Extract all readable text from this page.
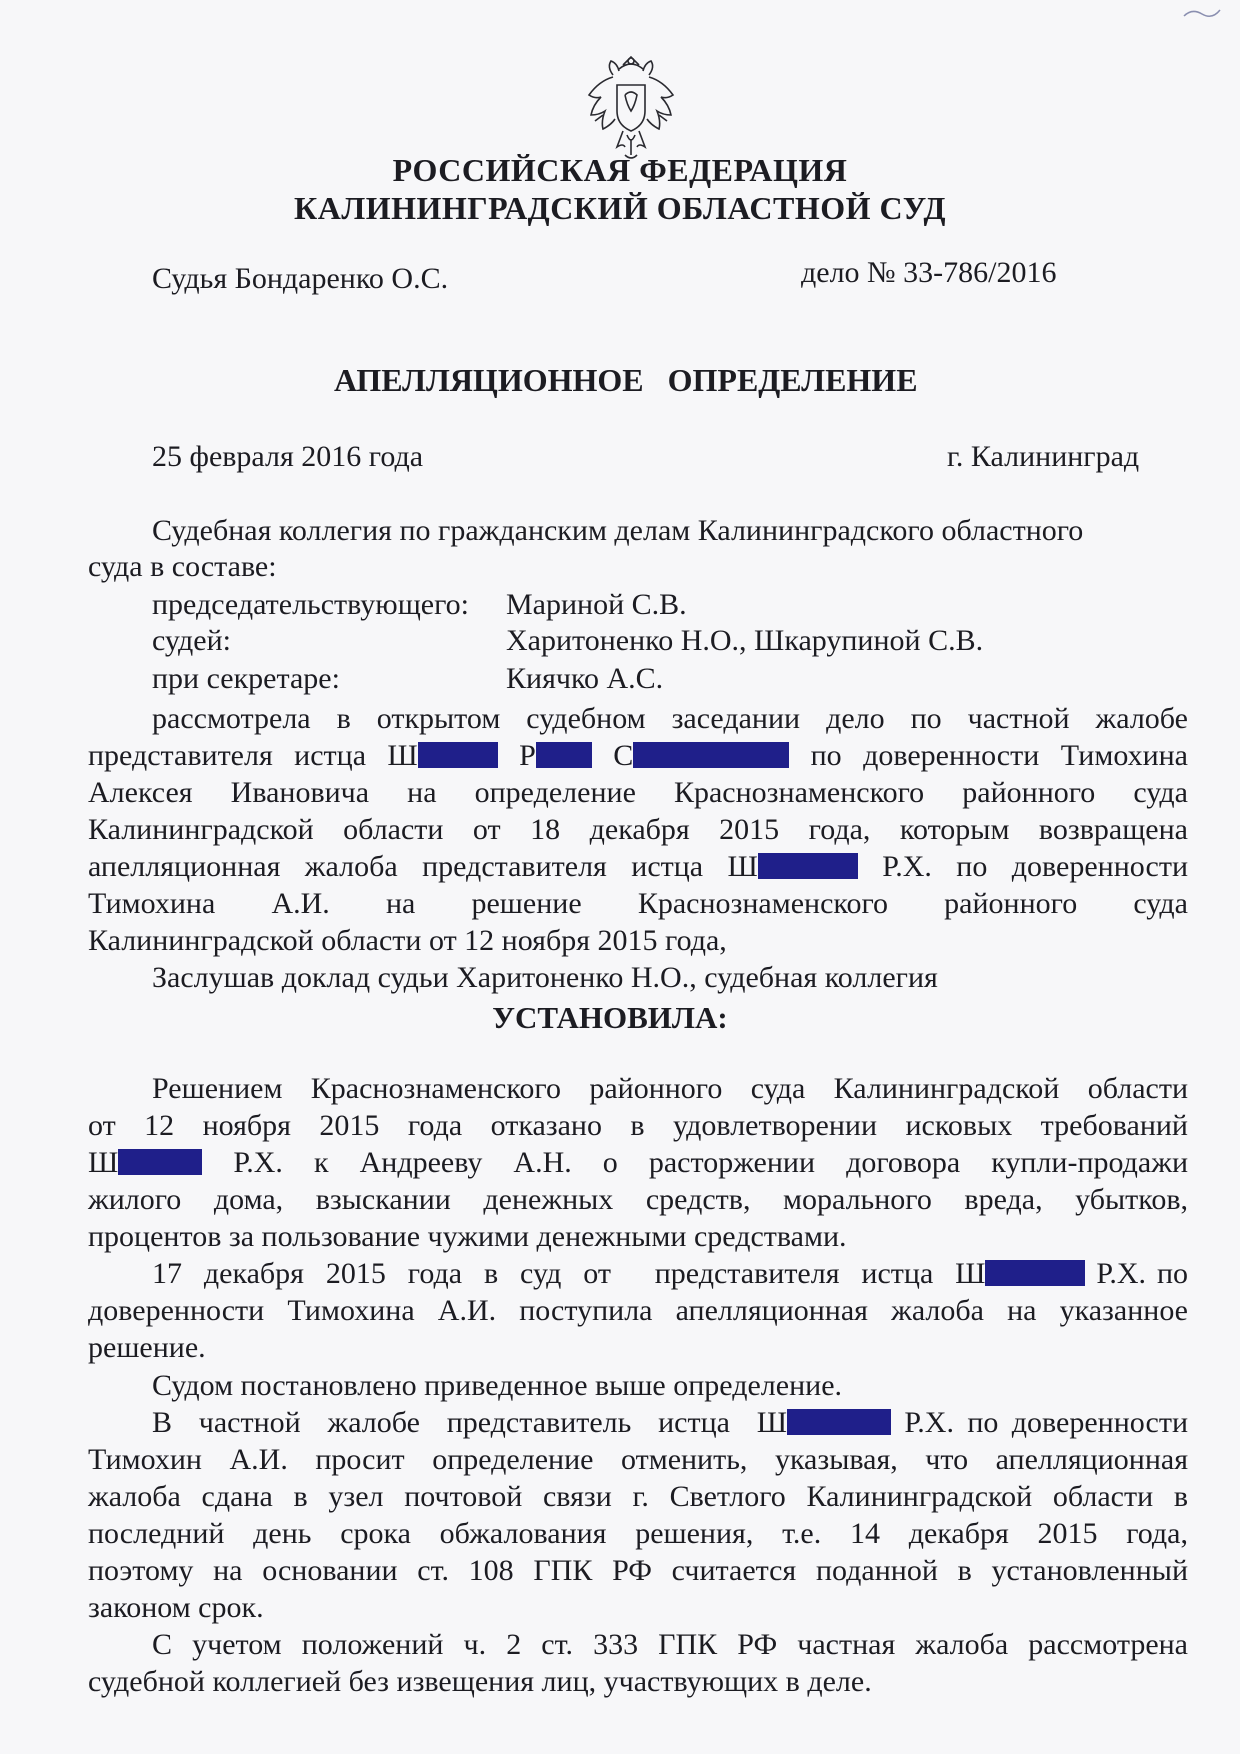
РОССИЙСКАЯ ФЕДЕРАЦИЯ
КАЛИНИНГРАДСКИЙ ОБЛАСТНОЙ СУД
Судья Бондаренко О.С.	дело № 33-786/2016
АПЕЛЛЯЦИОННОЕ   ОПРЕДЕЛЕНИЕ
25 февраля 2016 года	г. Калининград
Судебная коллегия по гражданским делам Калининградского областного
суда в составе:
председательствующего: Мариной С.В.
судей:	Харитоненко Н.О., Шкарупиной С.В.
при секретаре:	Киячко А.С.
рассмотрела в открытом судебном заседании дело по частной жалобе
представителя истца Ш	Р	С	по доверенности Тимохина
Алексея Ивановича на определение Краснознаменского районного суда
Калининградской области от 18 декабря 2015 года, которым возвращена
апелляционная жалоба представителя истца Ш	Р.Х. по доверенности
Тимохина А.И. на решение Краснознаменского районного суда
Калининградской области от 12 ноября 2015 года,
Заслушав доклад судьи Харитоненко Н.О., судебная коллегия
УСТАНОВИЛА:
Решением Краснознаменского районного суда Калининградской области
от 12 ноября 2015 года отказано в удовлетворении исковых требований
Ш	Р.Х. к Андрееву А.Н. о расторжении договора купли-продажи
жилого дома, взыскании денежных средств, морального вреда, убытков,
процентов за пользование чужими денежными средствами.
17  декабря  2015  года  в  суд  от    представителя  истца  Ш	Р.Х. по
доверенности Тимохина А.И. поступила апелляционная жалоба на указанное
решение.
Судом постановлено приведенное выше определение.
В  частной  жалобе  представитель  истца  Ш	Р.Х. по доверенности
Тимохин А.И. просит определение отменить, указывая, что апелляционная
жалоба сдана в узел почтовой связи г. Светлого Калининградской области в
последний день срока обжалования решения, т.е. 14 декабря 2015 года,
поэтому на основании ст. 108 ГПК РФ считается поданной в установленный
законом срок.
С учетом положений ч. 2 ст. 333 ГПК РФ частная жалоба рассмотрена
судебной коллегией без извещения лиц, участвующих в деле.
